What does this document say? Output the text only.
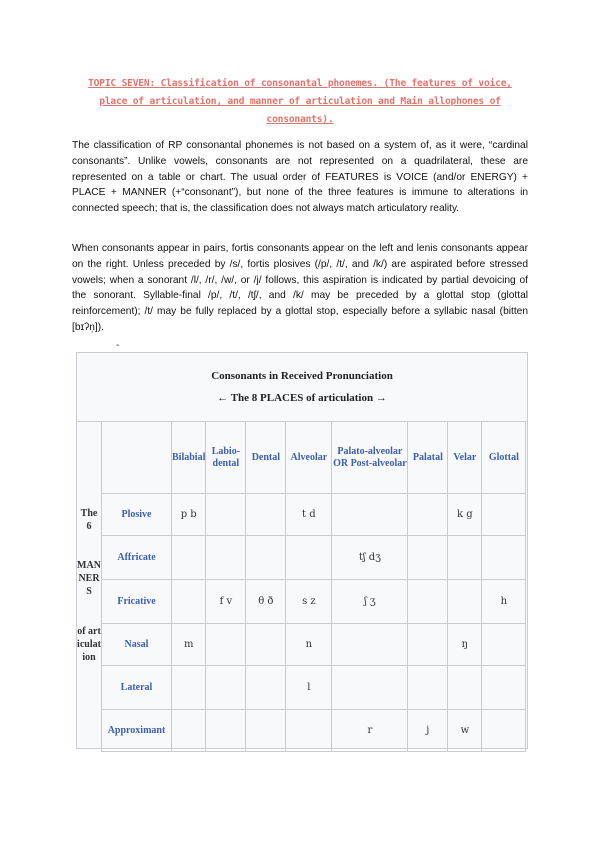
TOPIC SEVEN: Classification of consonantal phonemes. (The features of voice, place of articulation, and manner of articulation and Main allophones of consonants).

The classification of RP consonantal phonemes is not based on a system of, as it were, “cardinal consonants”. Unlike vowels, consonants are not represented on a quadrilateral, these are represented on a table or chart. The usual order of FEATURES is VOICE (and/or ENERGY) + PLACE + MANNER (+“consonant”), but none of the three features is immune to alterations in connected speech; that is, the classification does not always match articulatory reality.

When consonants appear in pairs, fortis consonants appear on the left and lenis consonants appear on the right. Unless preceded by /s/, fortis plosives (/p/, /t/, and /k/) are aspirated before stressed vowels; when a sonorant /l/, /r/, /w/, or /j/ follows, this aspiration is indicated by partial devoicing of the sonorant. Syllable-final /p/, /t/, /tʃ/, and /k/ may be preceded by a glottal stop (glottal reinforcement); /t/ may be fully replaced by a glottal stop, especially before a syllabic nasal (bitten [bɪʔn̩]).

-
Consonants in Received Pronunciation
← The 8 PLACES of articulation →
The 6
MANNERS
of articulation
	Bilabial	Labio-dental	Dental	Alveolar	Palato-alveolar OR Post-alveolar	Palatal	Velar	Glottal
Plosive	p b			t d			k g	
Affricate					tʃ dʒ			
Fricative		f v	θ ð	s z	ʃ ʒ			h
Nasal	m			n			ŋ	
Lateral				l				
Approximant					r	j	w	
